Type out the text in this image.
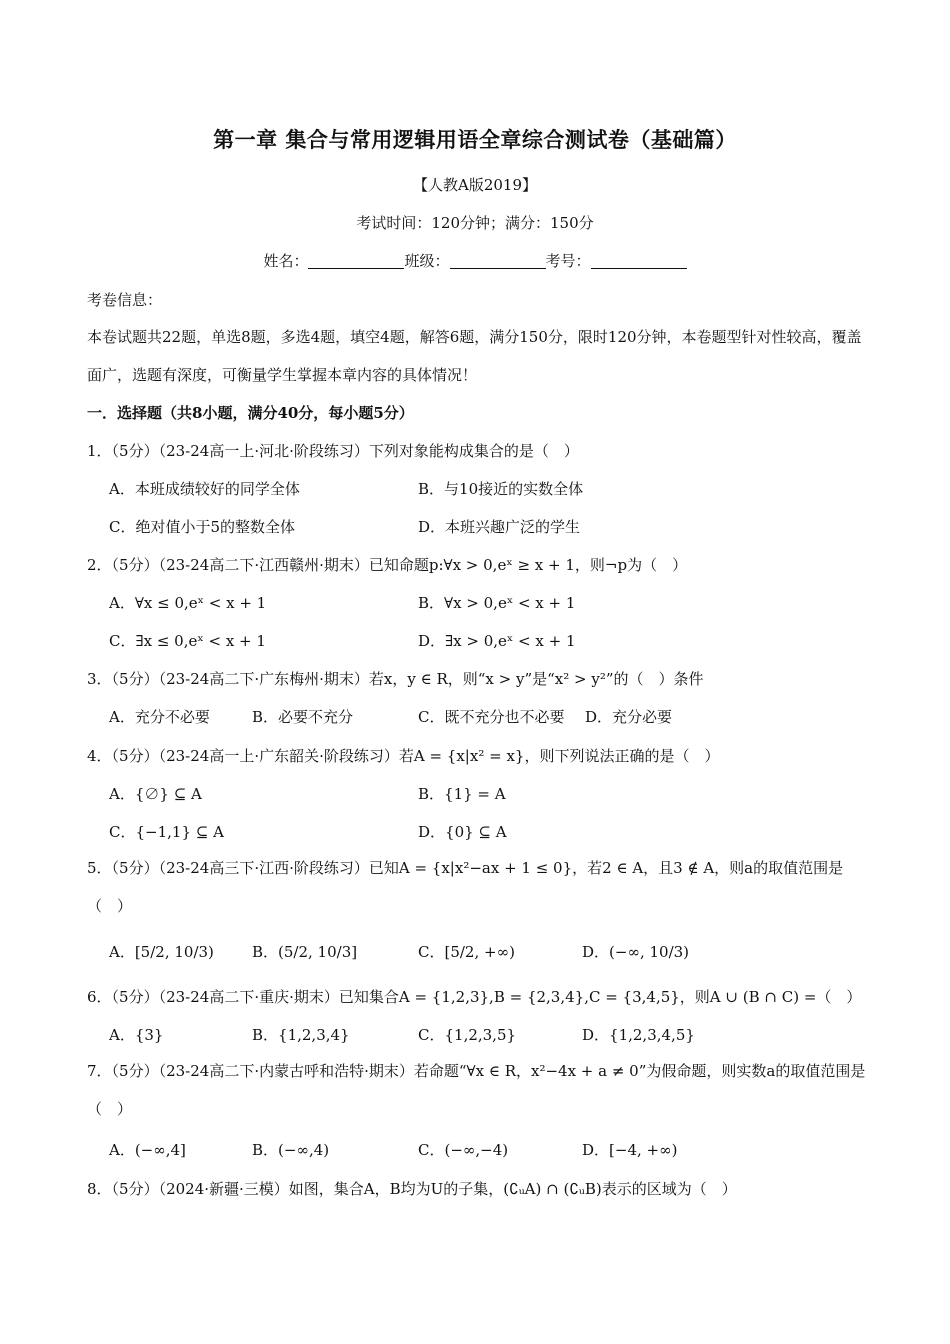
第一章 集合与常用逻辑用语全章综合测试卷（基础篇）
【人教A版2019】
考试时间：120分钟；满分：150分
姓名：	班级：	考号：
考卷信息：
本卷试题共22题，单选8题，多选4题，填空4题，解答6题，满分150分，限时120分钟，本卷题型针对性较高，覆盖面广，选题有深度，可衡量学生掌握本章内容的具体情况！
一．选择题（共8小题，满分40分，每小题5分）
1．（5分）（23-24高一上·河北·阶段练习）下列对象能构成集合的是（　）
A．本班成绩较好的同学全体	B．与10接近的实数全体
C．绝对值小于5的整数全体	D．本班兴趣广泛的学生
2．（5分）（23-24高二下·江西赣州·期末）已知命题p:∀x > 0,eˣ ≥ x + 1，则¬p为（　）
A．∀x ≤ 0,eˣ < x + 1	B．∀x > 0,eˣ < x + 1
C．∃x ≤ 0,eˣ < x + 1	D．∃x > 0,eˣ < x + 1
3．（5分）（23-24高二下·广东梅州·期末）若x，y ∈ R，则“x > y”是“x² > y²”的（　）条件
A．充分不必要	B．必要不充分	C．既不充分也不必要 D．充分必要
4．（5分）（23-24高一上·广东韶关·阶段练习）若A = {x|x² = x}，则下列说法正确的是（　）
A．{∅} ⊆ A	B．{1} = A
C．{−1,1} ⊆ A	D．{0} ⊆ A
5．（5分）（23-24高三下·江西·阶段练习）已知A = {x|x²−ax + 1 ≤ 0}，若2 ∈ A，且3 ∉ A，则a的取值范围是（　）
A．[5/2, 10/3)	B．(5/2, 10/3]	C．[5/2, +∞)	D．(−∞, 10/3)
6．（5分）（23-24高二下·重庆·期末）已知集合A = {1,2,3},B = {2,3,4},C = {3,4,5}，则A ∪ (B ∩ C) =（　）
A．{3}	B．{1,2,3,4}	C．{1,2,3,5}	D．{1,2,3,4,5}
7．（5分）（23-24高二下·内蒙古呼和浩特·期末）若命题“∀x ∈ R，x²−4x + a ≠ 0”为假命题，则实数a的取值范围是（　）
A．(−∞,4]	B．(−∞,4)	C．(−∞,−4)	D．[−4, +∞)
8．（5分）（2024·新疆·三模）如图，集合A，B均为U的子集，(∁ᵤA) ∩ (∁ᵤB)表示的区域为（　）
